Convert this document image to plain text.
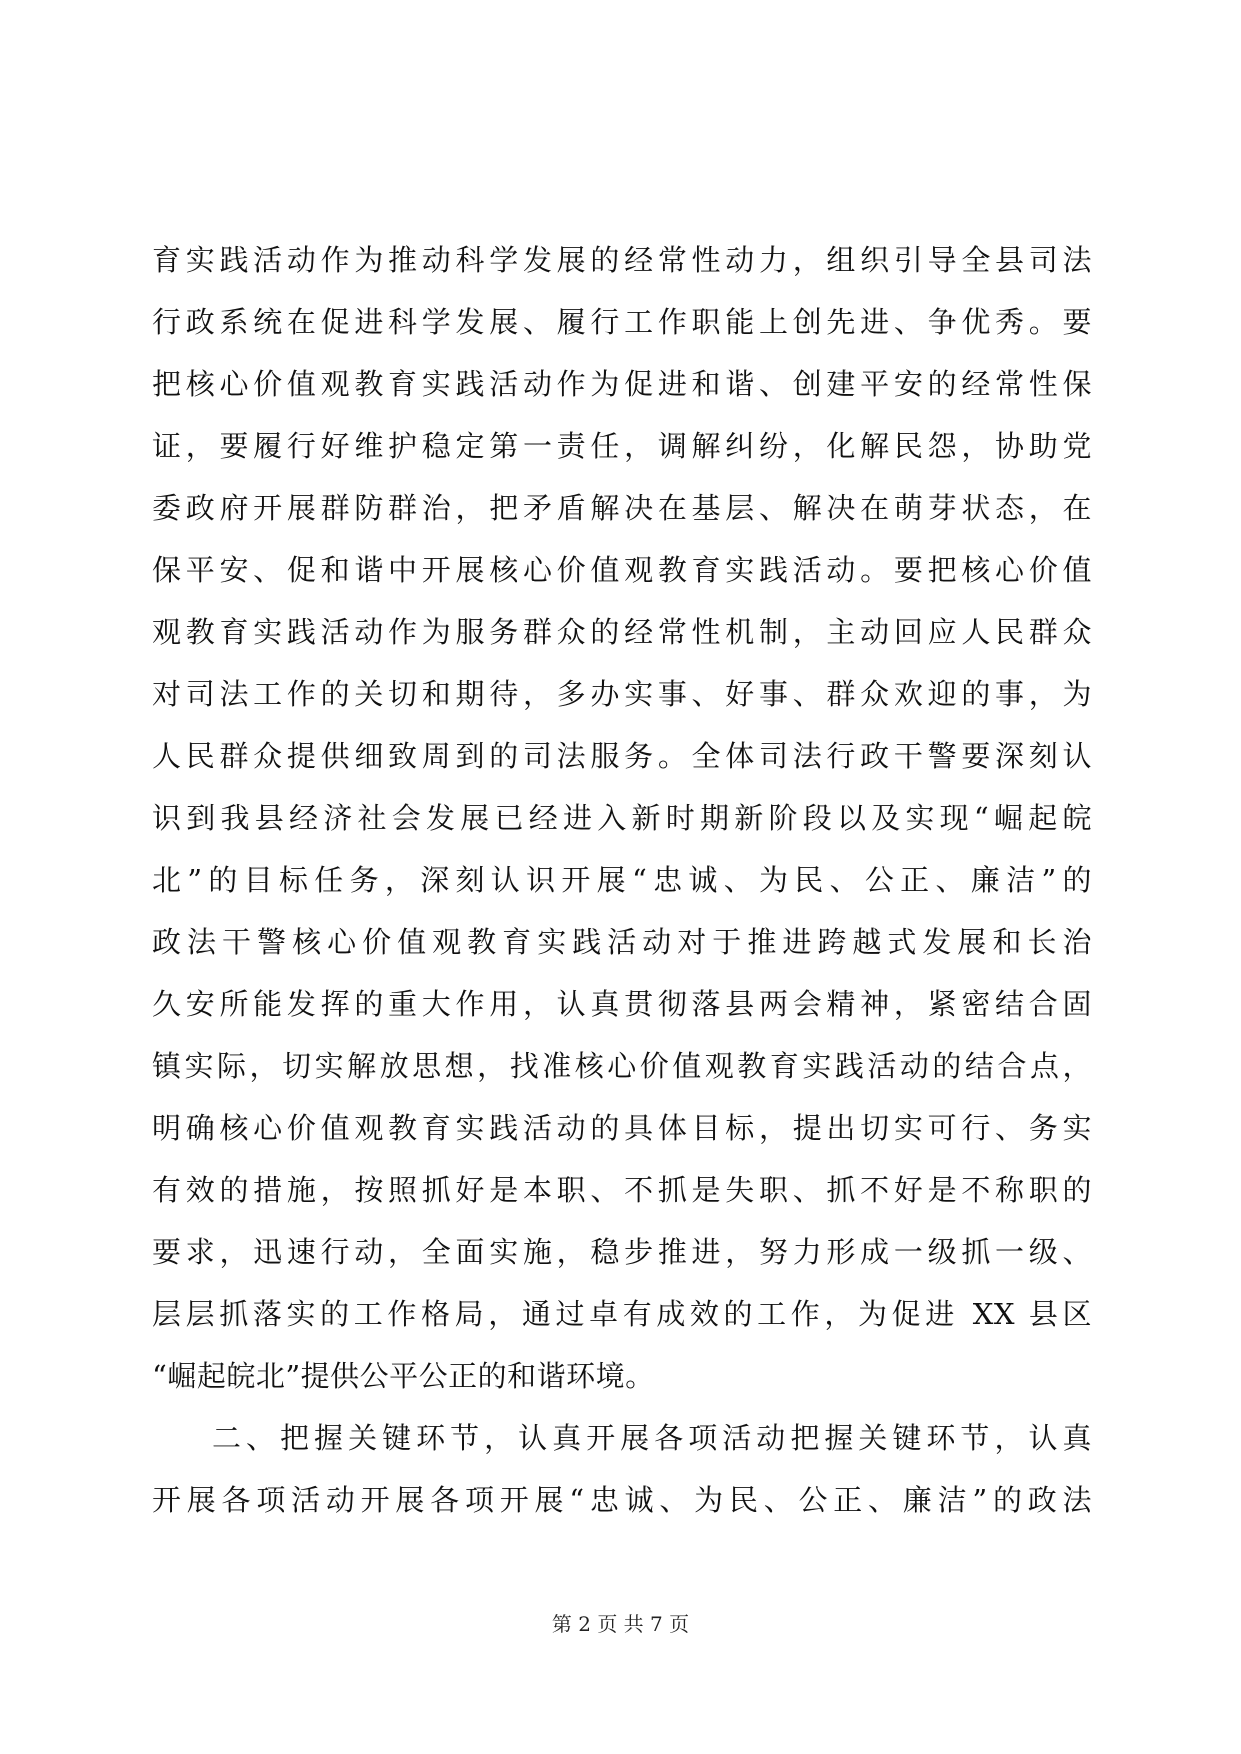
育实践活动作为推动科学发展的经常性动力，组织引导全县司法
行政系统在促进科学发展、履行工作职能上创先进、争优秀。要
把核心价值观教育实践活动作为促进和谐、创建平安的经常性保
证，要履行好维护稳定第一责任，调解纠纷，化解民怨，协助党
委政府开展群防群治，把矛盾解决在基层、解决在萌芽状态，在
保平安、促和谐中开展核心价值观教育实践活动。要把核心价值
观教育实践活动作为服务群众的经常性机制，主动回应人民群众
对司法工作的关切和期待，多办实事、好事、群众欢迎的事，为
人民群众提供细致周到的司法服务。全体司法行政干警要深刻认
识到我县经济社会发展已经进入新时期新阶段以及实现“崛起皖
北”的目标任务，深刻认识开展“忠诚、为民、公正、廉洁”的
政法干警核心价值观教育实践活动对于推进跨越式发展和长治
久安所能发挥的重大作用，认真贯彻落县两会精神，紧密结合固
镇实际，切实解放思想，找准核心价值观教育实践活动的结合点，
明确核心价值观教育实践活动的具体目标，提出切实可行、务实
有效的措施，按照抓好是本职、不抓是失职、抓不好是不称职的
要求，迅速行动，全面实施，稳步推进，努力形成一级抓一级、
层层抓落实的工作格局，通过卓有成效的工作，为促进 XX 县区
“崛起皖北”提供公平公正的和谐环境。
二、把握关键环节，认真开展各项活动把握关键环节，认真
开展各项活动开展各项开展“忠诚、为民、公正、廉洁”的政法
第 2 页 共 7 页
